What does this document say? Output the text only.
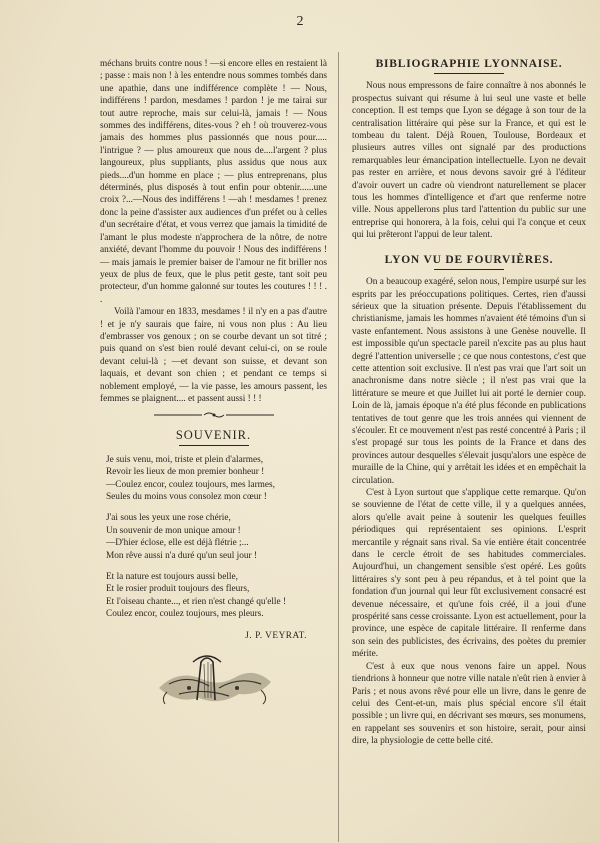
2

méchans bruits contre nous ! —si encore elles en restaient là ; passe : mais non ! à les entendre nous sommes tombés dans une apathie, dans une indifférence complète ! — Nous, indifférens ! pardon, mesdames ! pardon ! je me tairai sur tout autre reproche, mais sur celui-là, jamais ! — Nous sommes des indifférens, dites-vous ? eh ! où trouverez-vous jamais des hommes plus passionnés que nous pour..... l'intrigue ? — plus amoureux que nous de....l'argent ? plus langoureux, plus suppliants, plus assidus que nous aux pieds....d'un homme en place ; — plus entreprenans, plus déterminés, plus disposés à tout enfin pour obtenir......une croix ?...—Nous des indifférens ! —ah ! mesdames ! prenez donc la peine d'assister aux audiences d'un préfet ou à celles d'un secrétaire d'état, et vous verrez que jamais la timidité de l'amant le plus modeste n'approchera de la nôtre, de notre anxiété, devant l'homme du pouvoir ! Nous des indifférens ! — mais jamais le premier baiser de l'amour ne fit briller nos yeux de plus de feux, que le plus petit geste, tant soit peu protecteur, d'un homme galonné sur toutes les coutures ! ! ! . .

Voilà l'amour en 1833, mesdames ! il n'y en a pas d'autre ! et je n'y saurais que faire, ni vous non plus : Au lieu d'embrasser vos genoux ; on se courbe devant un sot titré ; puis quand on s'est bien roulé devant celui-ci, on se roule devant celui-là ; —et devant son suisse, et devant son laquais, et devant son chien ; et pendant ce temps si noblement employé, — la vie passe, les amours passent, les femmes se plaignent.... et passent aussi ! ! !

SOUVENIR.
Je suis venu, moi, triste et plein d'alarmes,
Revoir les lieux de mon premier bonheur !
—Coulez encor, coulez toujours, mes larmes,
Seules du moins vous consolez mon cœur !
J'ai sous les yeux une rose chérie,
Un souvenir de mon unique amour !
—D'hier éclose, elle est déjà flétrie ;...
Mon rêve aussi n'a duré qu'un seul jour !
Et la nature est toujours aussi belle,
Et le rosier produit toujours des fleurs,
Et l'oiseau chante..., et rien n'est changé qu'elle !
Coulez encor, coulez toujours, mes pleurs.
J. P. VEYRAT.
BIBLIOGRAPHIE LYONNAISE.

Nous nous empressons de faire connaître à nos abonnés le prospectus suivant qui résume à lui seul une vaste et belle conception. Il est temps que Lyon se dégage à son tour de la centralisation littéraire qui pèse sur la France, et qui est le tombeau du talent. Déjà Rouen, Toulouse, Bordeaux et plusieurs autres villes ont signalé par des productions remarquables leur émancipation intellectuelle. Lyon ne devait pas rester en arrière, et nous devons savoir gré à l'éditeur d'avoir ouvert un cadre où viendront naturellement se placer tous les hommes d'intelligence et d'art que renferme notre ville. Nous appellerons plus tard l'attention du public sur une entreprise qui honorera, à la fois, celui qui l'a conçue et ceux qui lui prêteront l'appui de leur talent.

LYON VU DE FOURVIÈRES.

On a beaucoup exagéré, selon nous, l'empire usurpé sur les esprits par les préoccupations politiques. Certes, rien d'aussi sérieux que la situation présente. Depuis l'établissement du christianisme, jamais les hommes n'avaient été témoins d'un si vaste enfantement. Nous assistons à une Genèse nouvelle. Il est impossible qu'un spectacle pareil n'excite pas au plus haut degré l'attention universelle ; ce que nous contestons, c'est que cette attention soit exclusive. Il n'est pas vrai que l'art soit un anachronisme dans notre siècle ; il n'est pas vrai que la littérature se meure et que Juillet lui ait porté le dernier coup. Loin de là, jamais époque n'a été plus féconde en publications tentatives de tout genre que les trois années qui viennent de s'écouler. Et ce mouvement n'est pas resté concentré à Paris ; il s'est propagé sur tous les points de la France et dans des provinces autour desquelles s'élevait jusqu'alors une espèce de muraille de la Chine, qui y arrêtait les idées et en empêchait la circulation.

C'est à Lyon surtout que s'applique cette remarque. Qu'on se souvienne de l'état de cette ville, il y a quelques années, alors qu'elle avait peine à soutenir les quelques feuilles périodiques qui représentaient ses opinions. L'esprit mercantile y régnait sans rival. Sa vie entière était concentrée dans le cercle étroit de ses habitudes commerciales. Aujourd'hui, un changement sensible s'est opéré. Les goûts littéraires s'y sont peu à peu répandus, et à tel point que la fondation d'un journal qui leur fût exclusivement consacré est devenue nécessaire, et qu'une fois créé, il a joui d'une prospérité sans cesse croissante. Lyon est actuellement, pour la province, une espèce de capitale littéraire. Il renferme dans son sein des publicistes, des écrivains, des poètes du premier mérite.

C'est à eux que nous venons faire un appel. Nous tiendrions à honneur que notre ville natale n'eût rien à envier à Paris ; et nous avons rêvé pour elle un livre, dans le genre de celui des Cent-et-un, mais plus spécial encore s'il était possible ; un livre qui, en décrivant ses mœurs, ses monumens, en rappelant ses souvenirs et son histoire, serait, pour ainsi dire, la physiologie de cette belle cité.
